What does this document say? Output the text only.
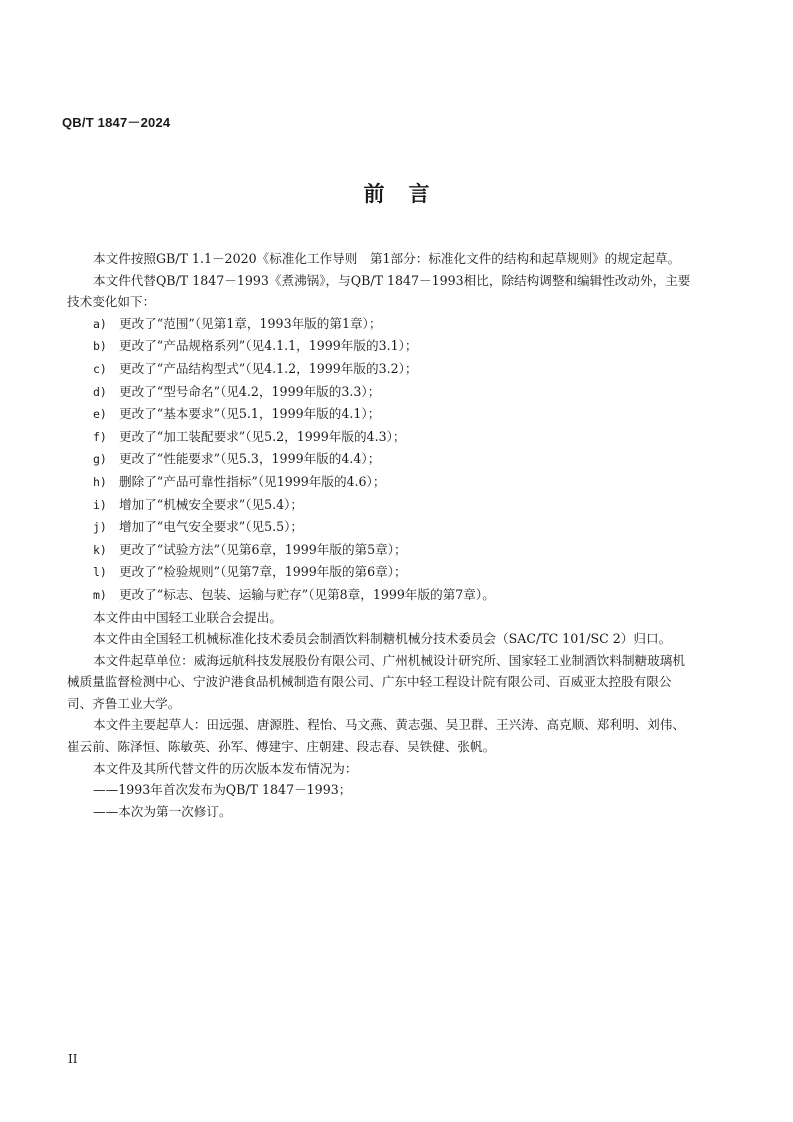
QB/T 1847－2024
前言

本文件按照GB/T 1.1－2020《标准化工作导则　第1部分：标准化文件的结构和起草规则》的规定起草。

本文件代替QB/T 1847－1993《煮沸锅》，与QB/T 1847－1993相比，除结构调整和编辑性改动外，主要技术变化如下：

a) 更改了“范围”（见第1章，1993年版的第1章）；

b) 更改了“产品规格系列”（见4.1.1，1999年版的3.1）；

c) 更改了“产品结构型式”（见4.1.2，1999年版的3.2）；

d) 更改了“型号命名”（见4.2，1999年版的3.3）；

e) 更改了“基本要求”（见5.1，1999年版的4.1）；

f) 更改了“加工装配要求”（见5.2，1999年版的4.3）；

g) 更改了“性能要求”（见5.3，1999年版的4.4）；

h) 删除了“产品可靠性指标”（见1999年版的4.6）；

i) 增加了“机械安全要求”（见5.4）；

j) 增加了“电气安全要求”（见5.5）；

k) 更改了“试验方法”（见第6章，1999年版的第5章）；

l) 更改了“检验规则”（见第7章，1999年版的第6章）；

m) 更改了“标志、包装、运输与贮存”（见第8章，1999年版的第7章）。

本文件由中国轻工业联合会提出。

本文件由全国轻工机械标准化技术委员会制酒饮料制糖机械分技术委员会（SAC/TC 101/SC 2）归口。

本文件起草单位：威海远航科技发展股份有限公司、广州机械设计研究所、国家轻工业制酒饮料制糖玻璃机械质量监督检测中心、宁波沪港食品机械制造有限公司、广东中轻工程设计院有限公司、百威亚太控股有限公司、齐鲁工业大学。

本文件主要起草人：田远强、唐源胜、程怡、马文燕、黄志强、吴卫群、王兴涛、高克顺、郑利明、刘伟、崔云前、陈泽恒、陈敏英、孙军、傅建宇、庄朝建、段志春、吴铁健、张帆。

本文件及其所代替文件的历次版本发布情况为：

——1993年首次发布为QB/T 1847－1993；

——本次为第一次修订。

II
